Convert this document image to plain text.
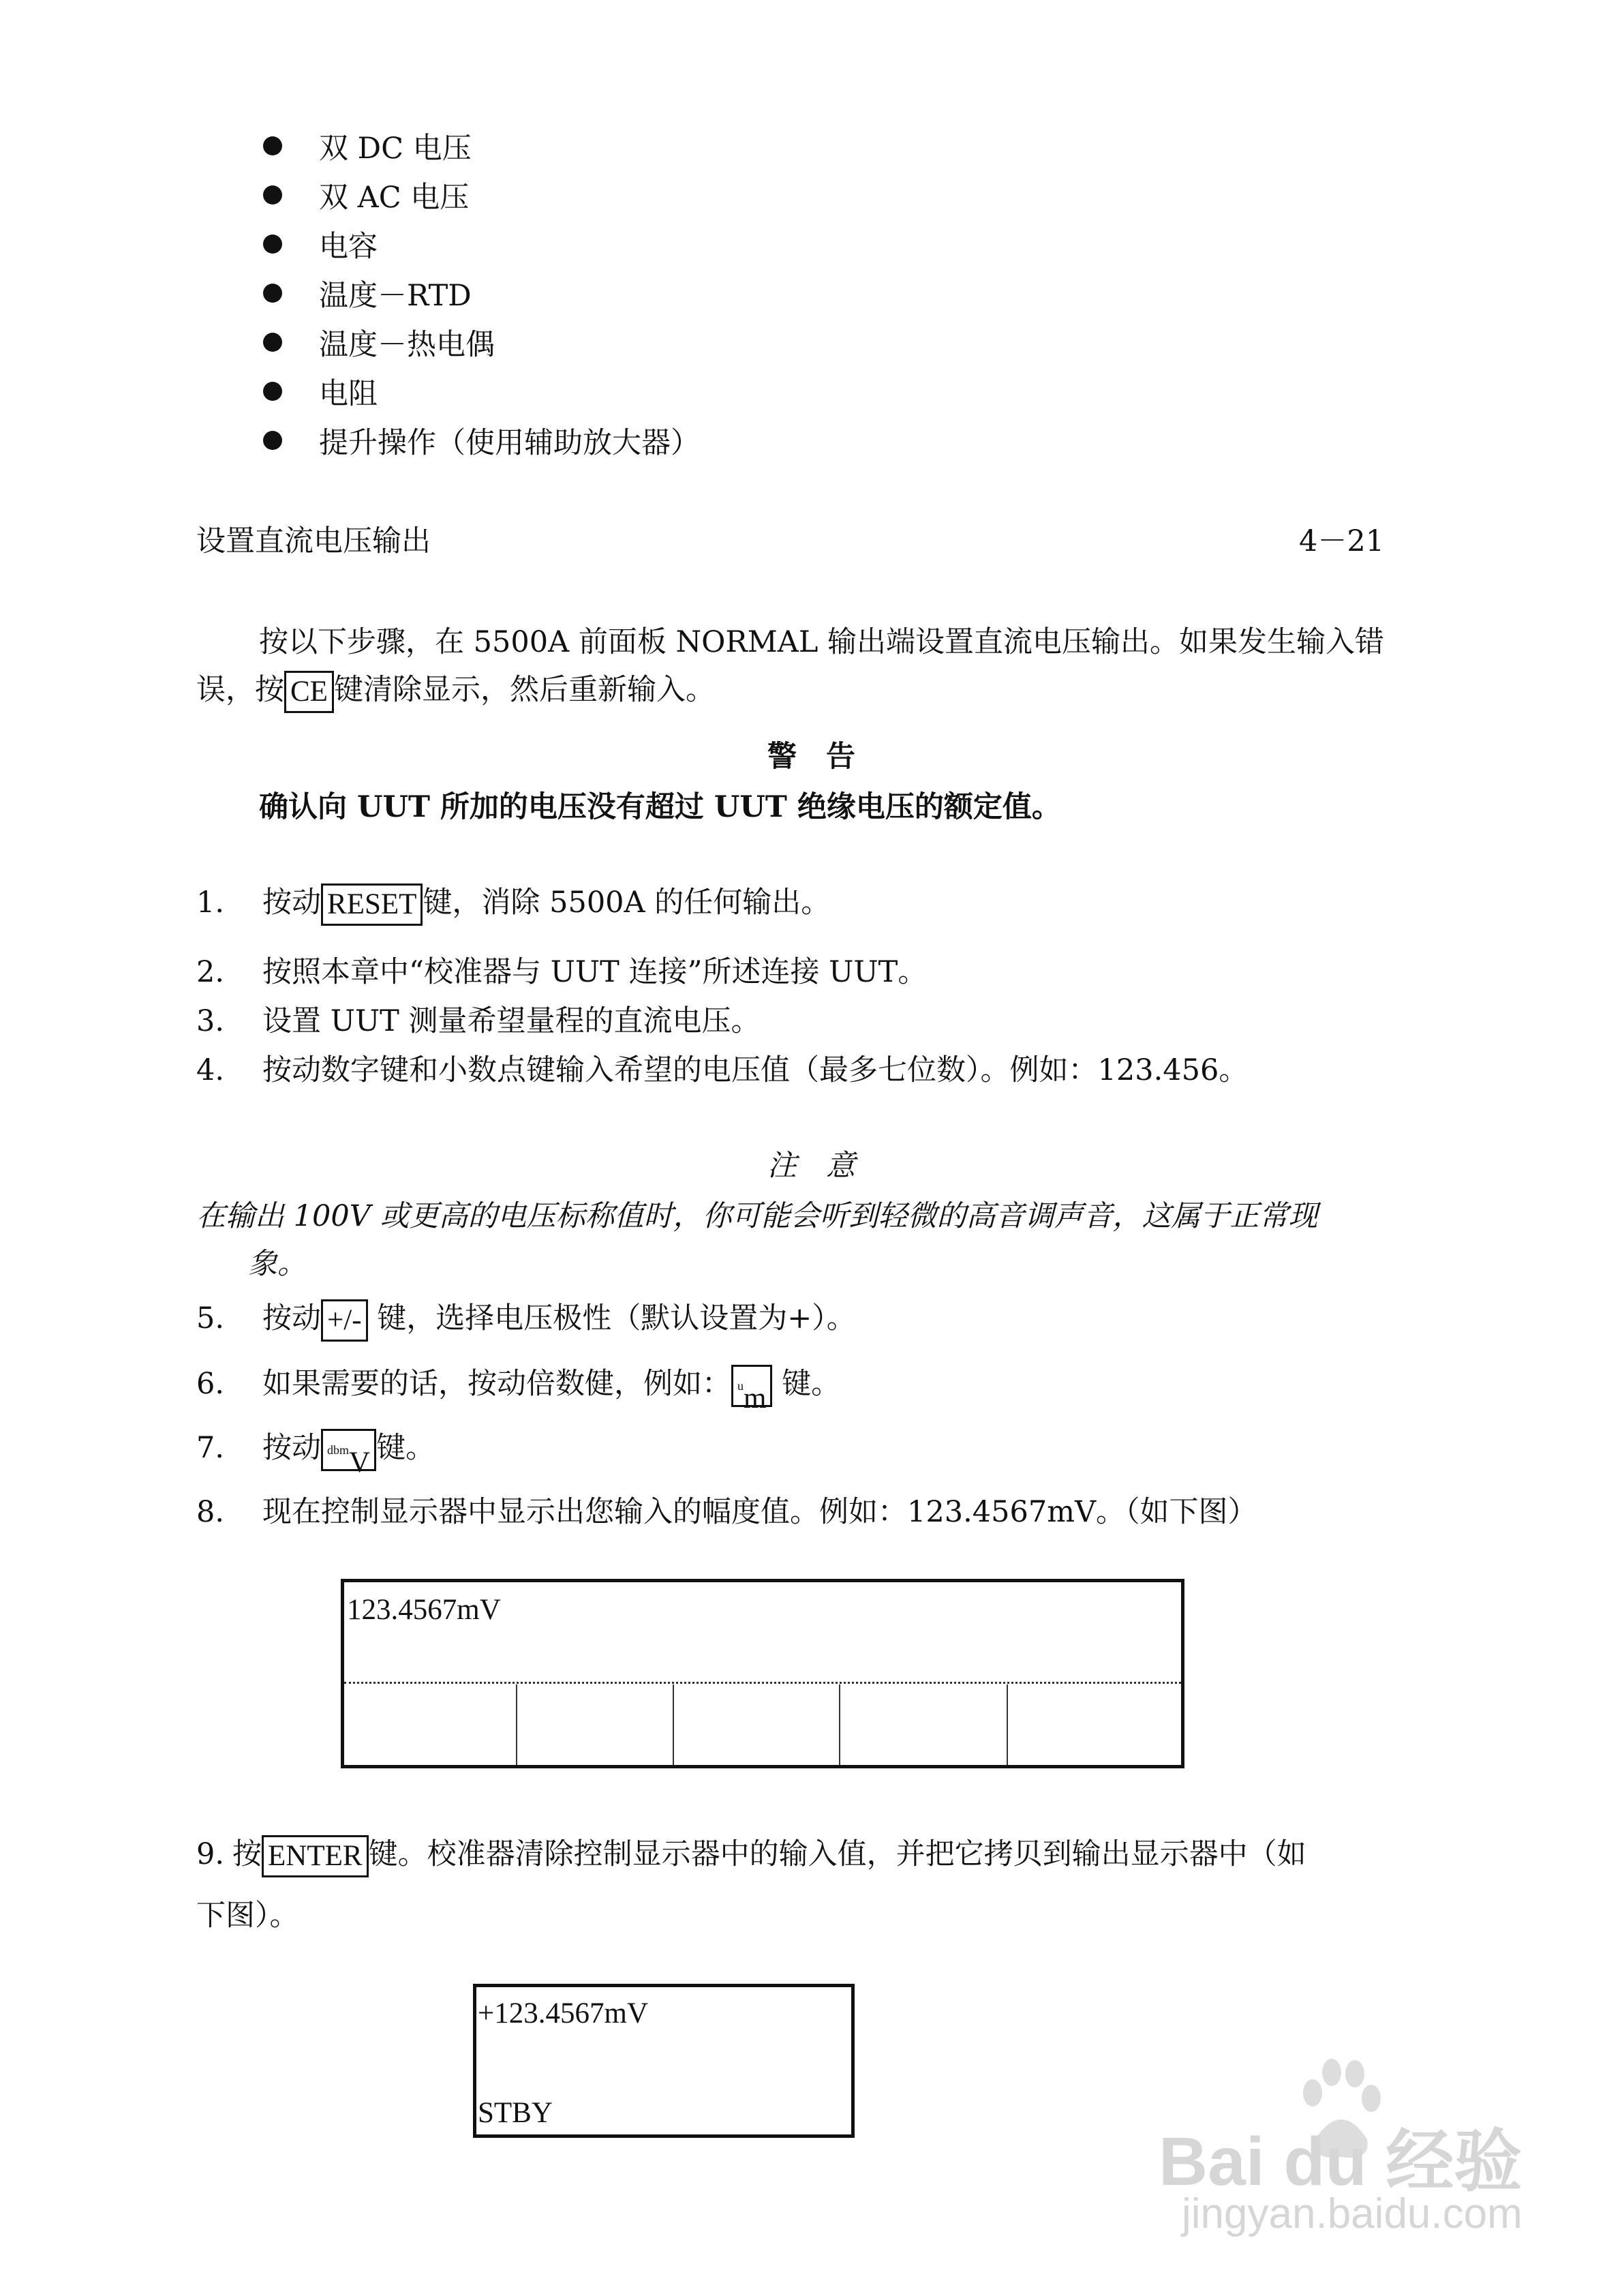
双 DC 电压
双 AC 电压
电容
温度－RTD
温度－热电偶
电阻
提升操作（使用辅助放大器）
设置直流电压输出	4－21
按以下步骤，在 5500A 前面板 NORMAL 输出端设置直流电压输出。如果发生输入错
误，按 CE 键清除显示，然后重新输入。
警　告
确认向 UUT 所加的电压没有超过 UUT 绝缘电压的额定值。
1. 按动 RESET 键，消除 5500A 的任何输出。
2. 按照本章中“校准器与 UUT 连接”所述连接 UUT。
3. 设置 UUT 测量希望量程的直流电压。
4. 按动数字键和小数点键输入希望的电压值（最多七位数）。例如：123.456。
注　意
在输出 100V 或更高的电压标称值时，你可能会听到轻微的高音调声音，这属于正常现
象。
5. 按动 +/- 键，选择电压极性（默认设置为+）。
6. 如果需要的话，按动倍数健，例如： $^u$m 键。
7. 按动 $^{dbm}$V 键。
8. 现在控制显示器中显示出您输入的幅度值。例如：123.4567mV。（如下图）
123.4567mV
9. 按 ENTER 键。校准器清除控制显示器中的输入值，并把它拷贝到输出显示器中（如
下图）。
+123.4567mV
STBY
Bai du 经验
jingyan.baidu.com
